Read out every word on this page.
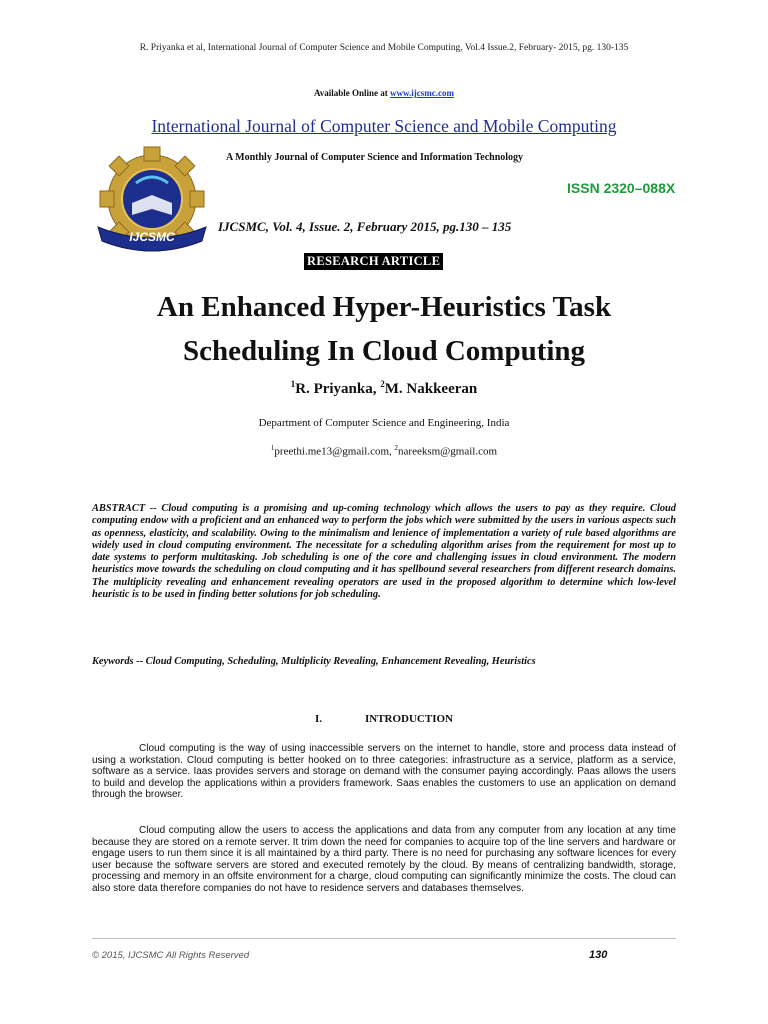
R. Priyanka et al, International Journal of Computer Science and Mobile Computing, Vol.4 Issue.2, February- 2015, pg. 130-135
Available Online at www.ijcsmc.com
International Journal of Computer Science and Mobile Computing
A Monthly Journal of Computer Science and Information Technology
IJCSMC
ISSN 2320–088X
IJCSMC, Vol. 4, Issue. 2, February 2015, pg.130 – 135
RESEARCH ARTICLE
An Enhanced Hyper-Heuristics Task
Scheduling In Cloud Computing
$^1$R. Priyanka, $^2$M. Nakkeeran
Department of Computer Science and Engineering, India
$^1$preethi.me13@gmail.com, $^2$nareeksm@gmail.com

ABSTRACT -- Cloud computing is a promising and up-coming technology which allows the users to pay as they require. Cloud computing endow with a proficient and an enhanced way to perform the jobs which were submitted by the users in various aspects such as openness, elasticity, and scalability. Owing to the minimalism and lenience of implementation a variety of rule based algorithms are widely used in cloud computing environment. The necessitate for a scheduling algorithm arises from the requirement for most up to date systems to perform multitasking. Job scheduling is one of the core and challenging issues in cloud environment. The modern heuristics move towards the scheduling on cloud computing and it has spellbound several researchers from different research domains. The multiplicity revealing and enhancement revealing operators are used in the proposed algorithm to determine which low-level heuristic is to be used in finding better solutions for job scheduling.

Keywords -- Cloud Computing, Scheduling, Multiplicity Revealing, Enhancement Revealing, Heuristics
I.	INTRODUCTION

Cloud computing is the way of using inaccessible servers on the internet to handle, store and process data instead of using a workstation. Cloud computing is better hooked on to three categories: infrastructure as a service, platform as a service, software as a service. Iaas provides servers and storage on demand with the consumer paying accordingly. Paas allows the users to build and develop the applications within a providers framework. Saas enables the customers to use an application on demand through the browser.

Cloud computing allow the users to access the applications and data from any computer from any location at any time because they are stored on a remote server. It trim down the need for companies to acquire top of the line servers and hardware or engage users to run them since it is all maintained by a third party. There is no need for purchasing any software licences for every user because the software servers are stored and executed remotely by the cloud. By means of centralizing bandwidth, storage, processing and memory in an offsite environment for a charge, cloud computing can significantly minimize the costs. The cloud can also store data therefore companies do not have to residence servers and databases themselves.

© 2015, IJCSMC All Rights Reserved	130
